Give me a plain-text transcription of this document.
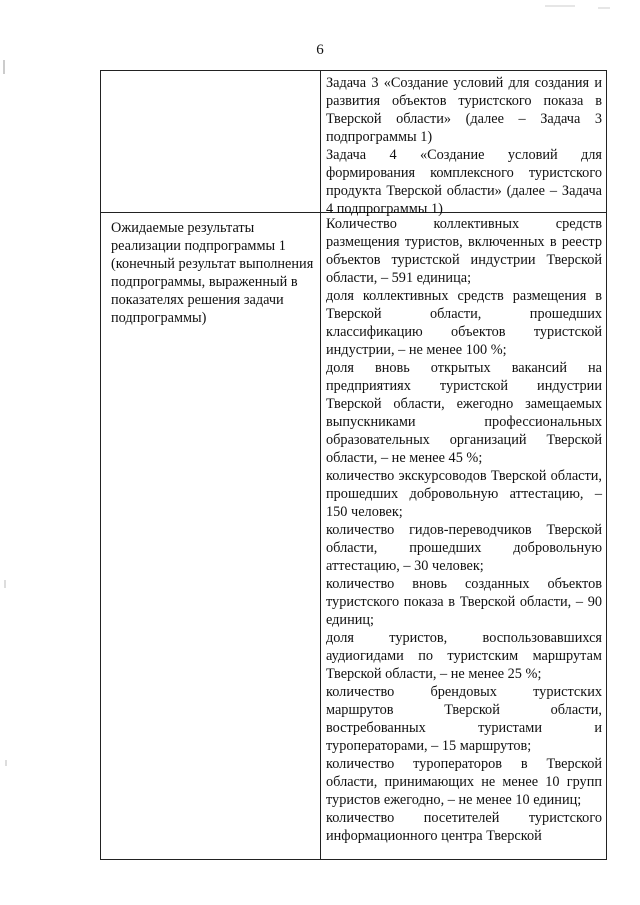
6
Задача 3 «Создание условий для создания и развития объектов туристского показа в Тверской области» (далее – Задача 3 подпрограммы 1)
Задача 4 «Создание условий для формирования комплексного туристского продукта Тверской области» (далее – Задача 4 подпрограммы 1)
Ожидаемые результаты реализации подпрограммы 1 (конечный результат выполнения подпрограммы, выраженный в показателях решения задачи подпрограммы)
Количество коллективных средств размещения туристов, включенных в реестр объектов туристской индустрии Тверской области, – 591 единица;
доля коллективных средств размещения в Тверской области, прошедших классификацию объектов туристской индустрии, – не менее 100 %;
доля вновь открытых вакансий на предприятиях туристской индустрии Тверской области, ежегодно замещаемых выпускниками профессиональных образовательных организаций Тверской области, – не менее 45 %;
количество экскурсоводов Тверской области, прошедших добровольную аттестацию, – 150 человек;
количество гидов-переводчиков Тверской области, прошедших добровольную аттестацию, – 30 человек;
количество вновь созданных объектов туристского показа в Тверской области, – 90 единиц;
доля туристов, воспользовавшихся аудиогидами по туристским маршрутам Тверской области, – не менее 25 %;
количество брендовых туристских маршрутов Тверской области, востребованных туристами и туроператорами, – 15 маршрутов;
количество туроператоров в Тверской области, принимающих не менее 10 групп туристов ежегодно, – не менее 10 единиц;
количество посетителей туристского информационного центра Тверской
